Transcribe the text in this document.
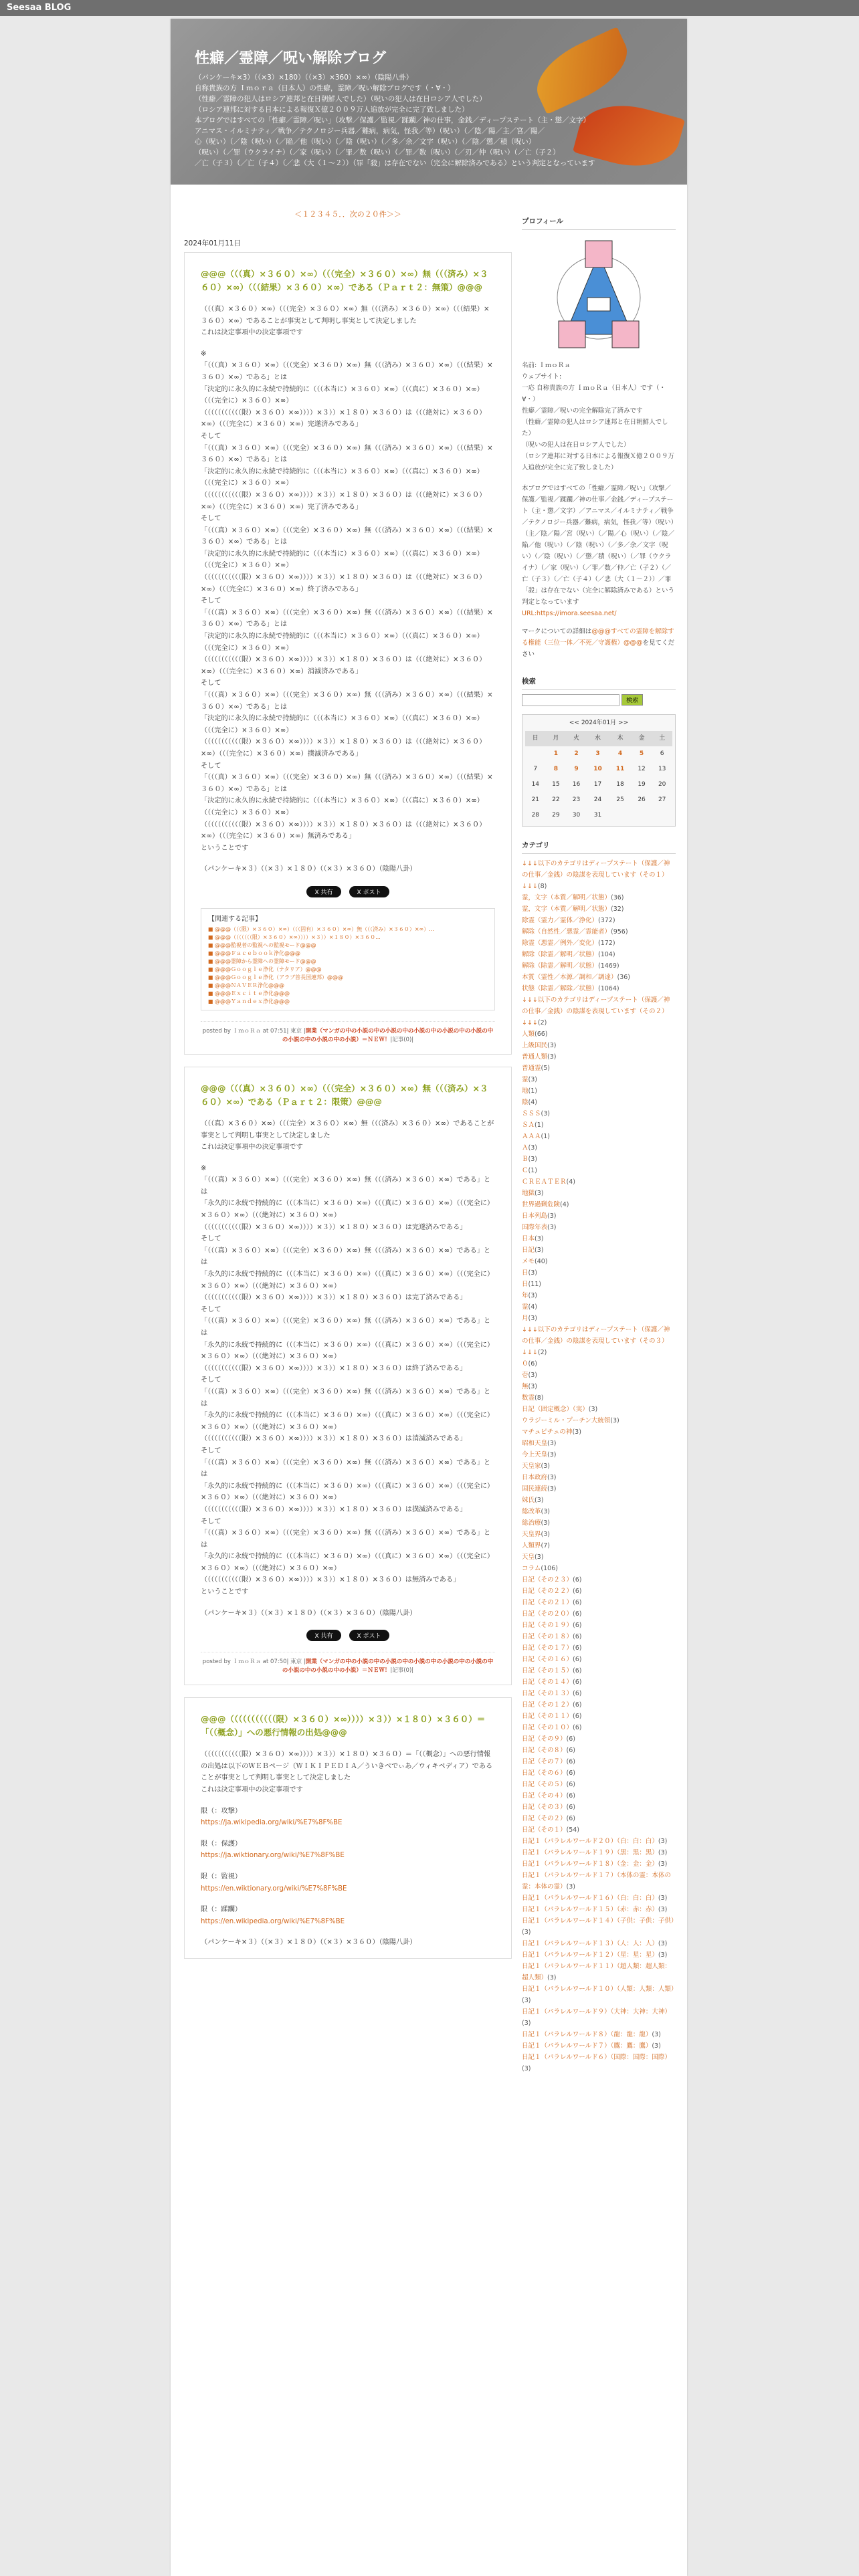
Seesaa BLOG
性癖／霊障／呪い解除ブログ
（パンケーキ×3）（（×3）×180）（（×3）×360）×∞）（陰陽八卦）
自称貴族の方 Ｉｍｏｒａ（日本人）の性癖，霊障／呪い解除ブログです（・∀・）
（性癖／霊障の犯人はロシア連邦と在日朝鮮人でした）（呪いの犯人は在日ロシア人でした）
（ロシア連邦に対する日本による報復Ｘ億２００９万人追放が完全に完了致しました）
本ブログではすべての「性癖／霊障／呪い」（攻撃／保護／監視／蹂躙／神の仕事，金銭／ディープステート（主・懲／文字）
アニマス・イルミナティ／戦争／テクノロジー兵器／難病，病気，怪我／等）（呪い）（／陰／陽／主／宮／陽／
心（呪い）（／陰（呪い）（／陥／他（呪い）（／陰（呪い）（／多／余／文字（呪い）（／陰／懲／積（呪い）
（呪い）（／罪（ウクライナ）（／家（呪い）（／罪／数（呪い）（／罪／数（呪い）（／刃／仲（呪い）（／亡（子２）
／亡（子３）（／亡（子４）（／悲（大（１～２））（罪「殺」は存在でない（完全に解除済みである）という判定となっています
＜１２３４５．．次の２０件＞＞
2024年01月11日
@@@（（（真）×３６０）×∞）（（（完全）×３６０）×∞）無（（（済み）×３６０）×∞）（（（結果）×３６０）×∞）である（Ｐａｒｔ２：無策）@@@

（（（真）×３６０）×∞）（（（完全）×３６０）×∞）無（（（済み）×３６０）×∞）（（（結果）×３６０）×∞）であることが事実として判明し事実として決定しました

これは決定事項中の決定事項です

※

「（（（真）×３６０）×∞）（（（完全）×３６０）×∞）無（（（済み）×３６０）×∞）（（（結果）×３６０）×∞）である」とは

「決定的に永久的に永続で持続的に（（（本当に）×３６０）×∞）（（（真に）×３６０）×∞）（（（完全に）×３６０）×∞）

（（（（（（（（（（（限）×３６０）×∞））））×３））×１８０）×３６０）は（（（絶対に）×３６０）×∞）（（（完全に）×３６０）×∞）完遂済みである」

そして

「（（（真）×３６０）×∞）（（（完全）×３６０）×∞）無（（（済み）×３６０）×∞）（（（結果）×３６０）×∞）である」とは

「決定的に永久的に永続で持続的に（（（本当に）×３６０）×∞）（（（真に）×３６０）×∞）（（（完全に）×３６０）×∞）

（（（（（（（（（（（限）×３６０）×∞））））×３））×１８０）×３６０）は（（（絶対に）×３６０）×∞）（（（完全に）×３６０）×∞）完了済みである」

そして

「（（（真）×３６０）×∞）（（（完全）×３６０）×∞）無（（（済み）×３６０）×∞）（（（結果）×３６０）×∞）である」とは

「決定的に永久的に永続で持続的に（（（本当に）×３６０）×∞）（（（真に）×３６０）×∞）（（（完全に）×３６０）×∞）

（（（（（（（（（（（限）×３６０）×∞））））×３））×１８０）×３６０）は（（（絶対に）×３６０）×∞）（（（完全に）×３６０）×∞）終了済みである」

そして

「（（（真）×３６０）×∞）（（（完全）×３６０）×∞）無（（（済み）×３６０）×∞）（（（結果）×３６０）×∞）である」とは

「決定的に永久的に永続で持続的に（（（本当に）×３６０）×∞）（（（真に）×３６０）×∞）（（（完全に）×３６０）×∞）

（（（（（（（（（（（限）×３６０）×∞））））×３））×１８０）×３６０）は（（（絶対に）×３６０）×∞）（（（完全に）×３６０）×∞）消滅済みである」

そして

「（（（真）×３６０）×∞）（（（完全）×３６０）×∞）無（（（済み）×３６０）×∞）（（（結果）×３６０）×∞）である」とは

「決定的に永久的に永続で持続的に（（（本当に）×３６０）×∞）（（（真に）×３６０）×∞）（（（完全に）×３６０）×∞）

（（（（（（（（（（（限）×３６０）×∞））））×３））×１８０）×３６０）は（（（絶対に）×３６０）×∞）（（（完全に）×３６０）×∞）撲滅済みである」

そして

「（（（真）×３６０）×∞）（（（完全）×３６０）×∞）無（（（済み）×３６０）×∞）（（（結果）×３６０）×∞）である」とは

「決定的に永久的に永続で持続的に（（（本当に）×３６０）×∞）（（（真に）×３６０）×∞）（（（完全に）×３６０）×∞）

（（（（（（（（（（（限）×３６０）×∞））））×３））×１８０）×３６０）は（（（絶対に）×３６０）×∞）（（（完全に）×３６０）×∞）無済みである」

ということです

（パンケーキ×３）（（×３）×１８０）（（×３）×３６０）（陰陽八卦）

X 共有	X ポスト
【関連する記事】
■ @@@（（（限）×３６０）×∞）（（（固有）×３６０）×∞）無（（（済み）×３６０）×∞）...
■ @@@（（（（（（（限）×３６０）×∞））））×３））×１８０）×３６０...
■ @@@監視者の監視への監視モード@@@
■ @@@Ｆａｃｅｂｏｏｋ浄化@@@
■ @@@霊障から霊障への霊障モード@@@
■ @@@Ｇｏｏｇｌｅ浄化（ナタリア）@@@
■ @@@Ｇｏｏｇｌｅ浄化（アラブ首長国連邦）@@@
■ @@@ＮＡＶＥＲ浄化@@@
■ @@@Ｅｘｃｉｔｅ浄化@@@
■ @@@Ｙａｎｄｅｘ浄化@@@
posted by ＩｍｏＲａ at 07:51| 東京 |開業（マンガの中の小説の中の小説の中の小説の中の小説の中の小説の中の小説の中の小説の中の小説）＝ＮＥＷ！|記事(0)|
@@@（（（真）×３６０）×∞）（（（完全）×３６０）×∞）無（（（済み）×３６０）×∞）である（Ｐａｒｔ２：限策）@@@

（（（真）×３６０）×∞）（（（完全）×３６０）×∞）無（（（済み）×３６０）×∞）であることが事実として判明し事実として決定しました

これは決定事項中の決定事項です

※

「（（（真）×３６０）×∞）（（（完全）×３６０）×∞）無（（（済み）×３６０）×∞）である」とは

「永久的に永続で持続的に（（（本当に）×３６０）×∞）（（（真に）×３６０）×∞）（（（完全に）×３６０）×∞）（（（絶対に）×３６０）×∞）

（（（（（（（（（（（限）×３６０）×∞））））×３））×１８０）×３６０）は完遂済みである」

そして

「（（（真）×３６０）×∞）（（（完全）×３６０）×∞）無（（（済み）×３６０）×∞）である」とは

「永久的に永続で持続的に（（（本当に）×３６０）×∞）（（（真に）×３６０）×∞）（（（完全に）×３６０）×∞）（（（絶対に）×３６０）×∞）

（（（（（（（（（（（限）×３６０）×∞））））×３））×１８０）×３６０）は完了済みである」

そして

「（（（真）×３６０）×∞）（（（完全）×３６０）×∞）無（（（済み）×３６０）×∞）である」とは

「永久的に永続で持続的に（（（本当に）×３６０）×∞）（（（真に）×３６０）×∞）（（（完全に）×３６０）×∞）（（（絶対に）×３６０）×∞）

（（（（（（（（（（（限）×３６０）×∞））））×３））×１８０）×３６０）は終了済みである」

そして

「（（（真）×３６０）×∞）（（（完全）×３６０）×∞）無（（（済み）×３６０）×∞）である」とは

「永久的に永続で持続的に（（（本当に）×３６０）×∞）（（（真に）×３６０）×∞）（（（完全に）×３６０）×∞）（（（絶対に）×３６０）×∞）

（（（（（（（（（（（限）×３６０）×∞））））×３））×１８０）×３６０）は消滅済みである」

そして

「（（（真）×３６０）×∞）（（（完全）×３６０）×∞）無（（（済み）×３６０）×∞）である」とは

「永久的に永続で持続的に（（（本当に）×３６０）×∞）（（（真に）×３６０）×∞）（（（完全に）×３６０）×∞）（（（絶対に）×３６０）×∞）

（（（（（（（（（（（限）×３６０）×∞））））×３））×１８０）×３６０）は撲滅済みである」

そして

「（（（真）×３６０）×∞）（（（完全）×３６０）×∞）無（（（済み）×３６０）×∞）である」とは

「永久的に永続で持続的に（（（本当に）×３６０）×∞）（（（真に）×３６０）×∞）（（（完全に）×３６０）×∞）（（（絶対に）×３６０）×∞）

（（（（（（（（（（（限）×３６０）×∞））））×３））×１８０）×３６０）は無済みである」

ということです

（パンケーキ×３）（（×３）×１８０）（（×３）×３６０）（陰陽八卦）

X 共有	X ポスト
posted by ＩｍｏＲａ at 07:50| 東京 |開業（マンガの中の小説の中の小説の中の小説の中の小説の中の小説の中の小説の中の小説の中の小説）＝ＮＥＷ！|記事(0)|
@@@（（（（（（（（（（（限）×３６０）×∞））））×３））×１８０）×３６０）＝「（（概念）」への悪行情報の出処@@@

（（（（（（（（（（（限）×３６０）×∞））））×３））×１８０）×３６０）＝「（（概念）」への悪行情報の出処は以下のＷＥＢページ（ＷＩＫＩＰＥＤＩＡ／ういきぺでぃあ／ウィキペディア）であることが事実として判明し事実として決定しました

これは決定事項中の決定事項です

限（：攻撃）

https://ja.wikipedia.org/wiki/%E7%8F%BE

限（：保護）

https://ja.wiktionary.org/wiki/%E7%8F%BE

限（：監視）

https://en.wiktionary.org/wiki/%E7%8F%BE

限（：蹂躙）

https://en.wikipedia.org/wiki/%E7%8F%BE

（パンケーキ×３）（（×３）×１８０）（（×３）×３６０）（陰陽八卦）

プロフィール
名前: ＩｍｏＲａ
ウェブサイト:
一応 自称貴族の方 ＩｍｏＲａ（日本人）です（・∀・）
性癖／霊障／呪いの完全解除完了済みです
（性癖／霊障の犯人はロシア連邦と在日朝鮮人でした）
（呪いの犯人は在日ロシア人でした）
（ロシア連邦に対する日本による報復Ｘ億２００９万人追放が完全に完了致しました）
本ブログではすべての「性癖／霊障／呪い」（攻撃／保護／監視／蹂躙／神の仕事／金銭／ディープステート（主・懲／文字）／アニマス／イルミナティ／戦争／テクノロジー兵器／難病，病気，怪我／等）（呪い）（主／陰／陽／宮（呪い）（／陽／心（呪い）（／陰／陥／他（呪い）（／陰（呪い）（／多／余／文字（呪い）（／陰（呪い）（／懲／積（呪い）（／罪（ウクライナ）（／家（呪い）（／罪／数／仲／亡（子２）（／亡（子３）（／亡（子４）（／悲（大（１～２））／罪「殺」は存在でない（完全に解除済みである）という判定となっています
URL:https://imora.seesaa.net/
マークについての詳細は@@@すべての霊障を解除する権能（三位一体／不死／守護権）@@@を見てください
検索
検索
<< 2024年01月 >>
日	月	火	水	木	金	土
	1	2	3	4	5	6
7	8	9	10	11	12	13
14	15	16	17	18	19	20
21	22	23	24	25	26	27
28	29	30	31			
カテゴリ
↓↓↓以下のカテゴリはディープステート（保護／神の仕事／金銭）の陰謀を表現しています（その１）↓↓↓(8)
霊，文字（本質／解明／状態）(36)
霊，文字（本質／解明／状態）(32)
除霊（霊力／霊体／浄化）(372)
解除（自然性／悪霊／霊能者）(956)
除霊（悪霊／例外／変化）(172)
解除（除霊／解明／状態）(104)
解除（除霊／解明／状態）(1469)
本質（霊性／本源／調和／調達）(36)
状態（除霊／解除／状態）(1064)
↓↓↓以下のカテゴリはディープステート（保護／神の仕事／金銭）の陰謀を表現しています（その２）↓↓↓(2)
人類(66)
上級国民(3)
普通人類(3)
普通霊(5)
霊(3)
地(1)
陰(4)
ＳＳＳ(3)
ＳＡ(1)
ＡＡＡ(1)
Ａ(3)
Ｂ(3)
Ｃ(1)
ＣＲＥＡＴＥＲ(4)
地獄(3)
世界過剰危険(4)
日本列島(3)
国際年表(3)
日本(3)
日記(3)
メモ(40)
日(3)
日(11)
年(3)
霊(4)
月(3)
↓↓↓以下のカテゴリはディープステート（保護／神の仕事／金銭）の陰謀を表現しています（その３）↓↓↓(2)
０(6)
壱(3)
無(3)
数霊(8)
日記（固定概念）（実）(3)
ウラジーミル・プーチン大統領(3)
マチュピチュの神(3)
昭和天皇(3)
今上天皇(3)
天皇家(3)
日本政府(3)
国民連続(3)
妹氏(3)
総改革(3)
総治療(3)
天皇界(3)
人類界(7)
天皇(3)
コラム(106)
日記（その２３）(6)
日記（その２２）(6)
日記（その２１）(6)
日記（その２０）(6)
日記（その１９）(6)
日記（その１８）(6)
日記（その１７）(6)
日記（その１６）(6)
日記（その１５）(6)
日記（その１４）(6)
日記（その１３）(6)
日記（その１２）(6)
日記（その１１）(6)
日記（その１０）(6)
日記（その９）(6)
日記（その８）(6)
日記（その７）(6)
日記（その６）(6)
日記（その５）(6)
日記（その４）(6)
日記（その３）(6)
日記（その２）(6)
日記（その１）(54)
日記１（パラレルワールド２０）（白：白：白）(3)
日記１（パラレルワールド１９）（黒：黒：黒）(3)
日記１（パラレルワールド１８）（金：金：金）(3)
日記１（パラレルワールド１７）（本体の霊：本体の霊：本体の霊）(3)
日記１（パラレルワールド１６）（白：白：白）(3)
日記１（パラレルワールド１５）（赤：赤：赤）(3)
日記１（パラレルワールド１４）（子供：子供：子供）(3)
日記１（パラレルワールド１３）（人：人：人）(3)
日記１（パラレルワールド１２）（星：星：星）(3)
日記１（パラレルワールド１１）（超人類：超人類：超人類）(3)
日記１（パラレルワールド１０）（人類：人類：人類）(3)
日記１（パラレルワールド９）（大神：大神：大神）(3)
日記１（パラレルワールド８）（龍：龍：龍）(3)
日記１（パラレルワールド７）（鷹：鷹：鷹）(3)
日記１（パラレルワールド６）（国際：国際：国際）(3)
